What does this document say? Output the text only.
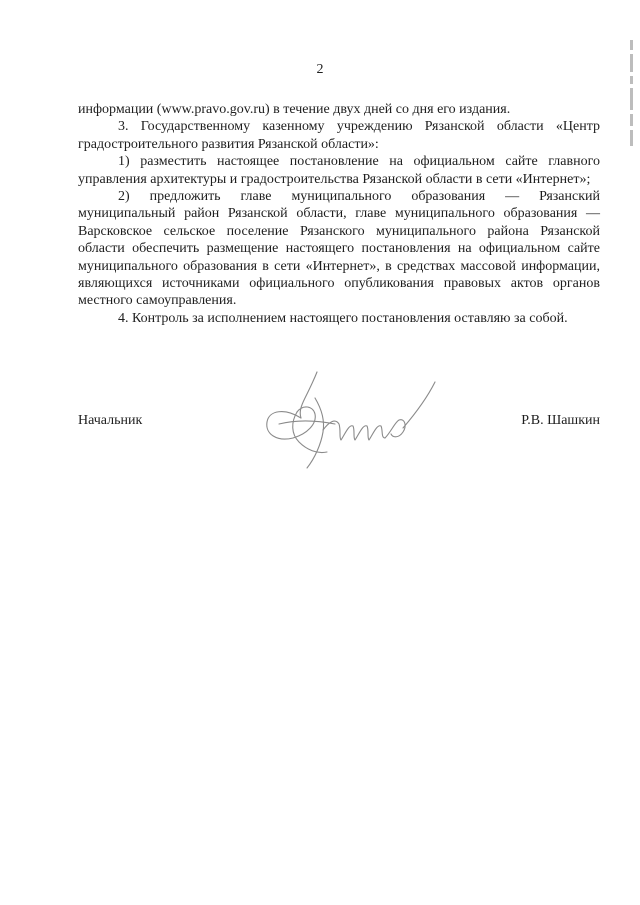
2

информации (www.pravo.gov.ru) в течение двух дней со дня его издания.

3. Государственному казенному учреждению Рязанской области «Центр градостроительного развития Рязанской области»:

1) разместить настоящее постановление на официальном сайте главного управления архитектуры и градостроительства Рязанской области в сети «Интернет»;

2) предложить главе муниципального образования — Рязанский муниципальный район Рязанской области, главе муниципального образования — Варсковское сельское поселение Рязанского муниципального района Рязанской области обеспечить размещение настоящего постановления на официальном сайте муниципального образования в сети «Интернет», в средствах массовой информации, являющихся источниками официального опубликования правовых актов органов местного самоуправления.

4. Контроль за исполнением настоящего постановления оставляю за собой.

Начальник	Р.В. Шашкин
